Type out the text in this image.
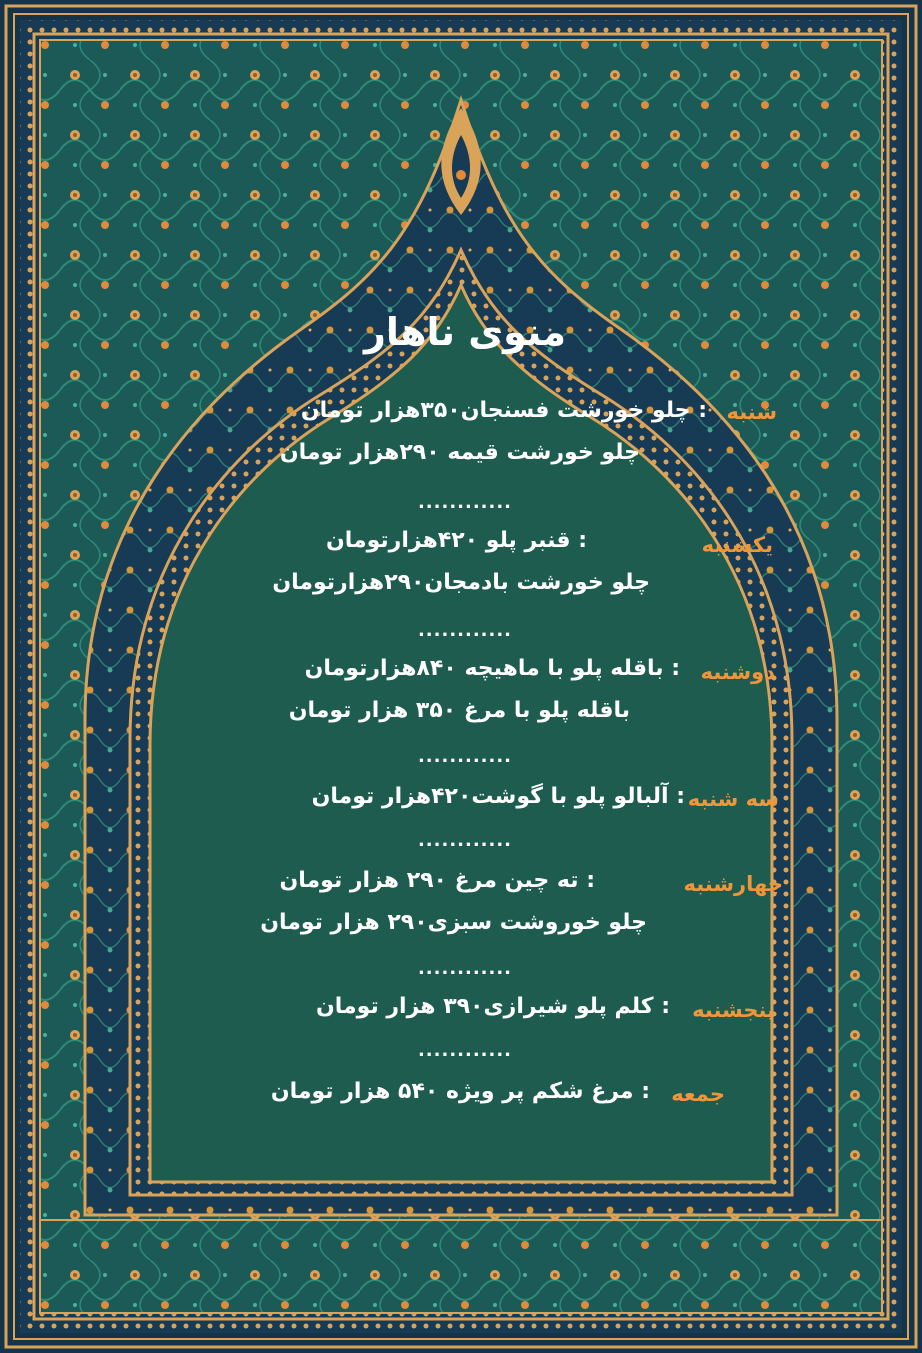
منوی ناهار
شنبه
: چلو خورشت فسنجان۳۵۰هزار تومان
چلو خورشت قیمه ۲۹۰هزار تومان
............
یکشنبه
: قنبر پلو ۴۲۰هزارتومان
چلو خورشت بادمجان۲۹۰هزارتومان
............
دوشنبه
: باقله پلو با ماهیچه ۸۴۰هزارتومان
باقله پلو با مرغ ۳۵۰ هزار تومان
............
سه شنبه
: آلبالو پلو با گوشت۴۲۰هزار تومان
............
چهارشنبه
: ته چین مرغ ۲۹۰ هزار تومان
چلو خوروشت سبزی۲۹۰ هزار تومان
............
پنجشنبه
: کلم پلو شیرازی۳۹۰ هزار تومان
............
جمعه
: مرغ شکم پر ویژه ۵۴۰ هزار تومان
